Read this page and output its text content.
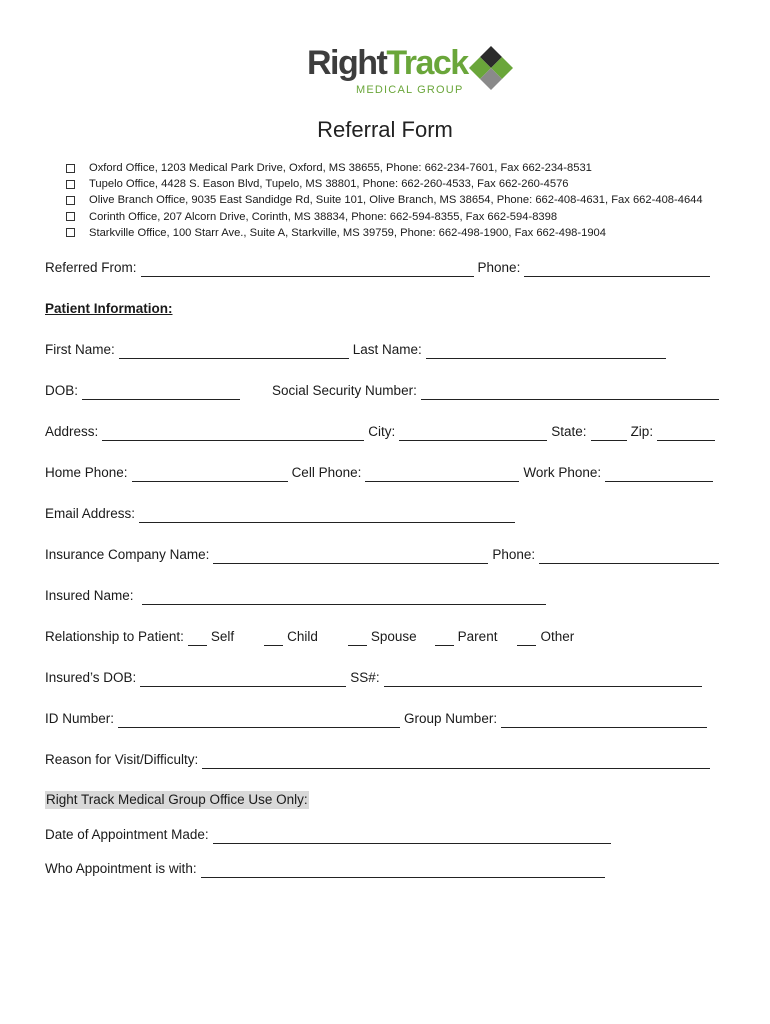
RightTrack
MEDICAL GROUP
Referral Form
Oxford Office, 1203 Medical Park Drive, Oxford, MS 38655, Phone: 662-234-7601, Fax 662-234-8531
Tupelo Office, 4428 S. Eason Blvd, Tupelo, MS 38801, Phone: 662-260-4533, Fax 662-260-4576
Olive Branch Office, 9035 East Sandidge Rd, Suite 101, Olive Branch, MS 38654, Phone: 662-408-4631, Fax 662-408-4644
Corinth Office, 207 Alcorn Drive, Corinth, MS 38834, Phone: 662-594-8355, Fax 662-594-8398
Starkville Office, 100 Starr Ave., Suite A, Starkville, MS 39759, Phone: 662-498-1900, Fax 662-498-1904
Referred From:	Phone:
Patient Information:
First Name:	Last Name:
DOB:	Social Security Number:
Address:	City:	State:	Zip:
Home Phone:	Cell Phone:	Work Phone:
Email Address:
Insurance Company Name:	Phone:
Insured Name:
Relationship to Patient: Self	Child	Spouse	Parent	Other
Insured’s DOB:	SS#:
ID Number:	Group Number:
Reason for Visit/Difficulty:
Right Track Medical Group Office Use Only:
Date of Appointment Made:
Who Appointment is with:
